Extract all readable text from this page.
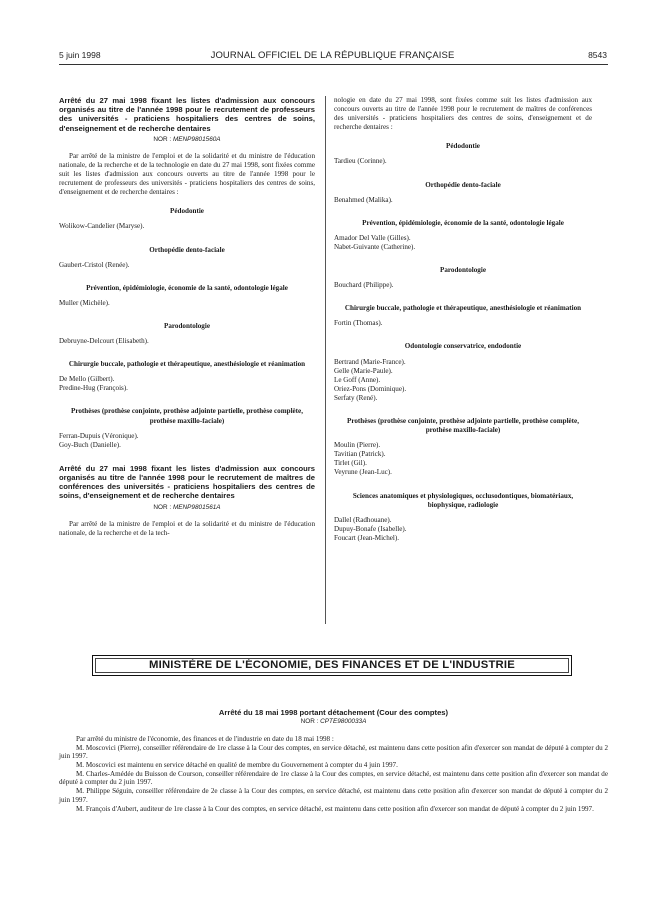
5 juin 1998	JOURNAL OFFICIEL DE LA RÉPUBLIQUE FRANÇAISE	8543
Arrêté du 27 mai 1998 fixant les listes d'admission aux concours organisés au titre de l'année 1998 pour le recrutement de professeurs des universités - praticiens hospitaliers des centres de soins, d'enseignement et de recherche dentaires
NOR : MENP9801560A
Par arrêté de la ministre de l'emploi et de la solidarité et du ministre de l'éducation nationale, de la recherche et de la technologie en date du 27 mai 1998, sont fixées comme suit les listes d'admission aux concours ouverts au titre de l'année 1998 pour le recrutement de professeurs des universités - praticiens hospitaliers des centres de soins, d'enseignement et de recherche dentaires :
Pédodontie
Wolikow-Candelier (Maryse).
Orthopédie dento-faciale
Gaubert-Cristol (Renée).
Prévention, épidémiologie, économie de la santé, odontologie légale
Muller (Michèle).
Parodontologie
Debruyne-Delcourt (Elisabeth).
Chirurgie buccale, pathologie et thérapeutique, anesthésiologie et réanimation
De Mello (Gilbert).
Predine-Hug (François).
Prothèses (prothèse conjointe, prothèse adjointe partielle, prothèse complète, prothèse maxillo-faciale)
Ferran-Dupuis (Véronique).
Goy-Buch (Danielle).
Arrêté du 27 mai 1998 fixant les listes d'admission aux concours organisés au titre de l'année 1998 pour le recrutement de maîtres de conférences des universités - praticiens hospitaliers des centres de soins, d'enseignement et de recherche dentaires
NOR : MENP9801561A
Par arrêté de la ministre de l'emploi et de la solidarité et du ministre de l'éducation nationale, de la recherche et de la tech-
nologie en date du 27 mai 1998, sont fixées comme suit les listes d'admission aux concours ouverts au titre de l'année 1998 pour le recrutement de maîtres de conférences des universités - praticiens hospitaliers des centres de soins, d'enseignement et de recherche dentaires :
Pédodontie
Tardieu (Corinne).
Orthopédie dento-faciale
Benahmed (Malika).
Prévention, épidémiologie, économie de la santé, odontologie légale
Amador Del Valle (Gilles).
Nabet-Guivante (Catherine).
Parodontologie
Bouchard (Philippe).
Chirurgie buccale, pathologie et thérapeutique, anesthésiologie et réanimation
Fortin (Thomas).
Odontologie conservatrice, endodontie
Bertrand (Marie-France).
Gelle (Marie-Paule).
Le Goff (Anne).
Oriez-Pons (Dominique).
Serfaty (René).
Prothèses (prothèse conjointe, prothèse adjointe partielle, prothèse complète, prothèse maxillo-faciale)
Moulin (Pierre).
Tavitian (Patrick).
Tirlet (Gil).
Veyrune (Jean-Luc).
Sciences anatomiques et physiologiques, occlusodontiques, biomatériaux, biophysique, radiologie
Dallel (Radhouane).
Dupuy-Bonafe (Isabelle).
Foucart (Jean-Michel).
MINISTÈRE DE L'ÉCONOMIE, DES FINANCES ET DE L'INDUSTRIE
Arrêté du 18 mai 1998 portant détachement (Cour des comptes)
NOR : CPTE9800033A
Par arrêté du ministre de l'économie, des finances et de l'industrie en date du 18 mai 1998 :
M. Moscovici (Pierre), conseiller référendaire de 1re classe à la Cour des comptes, en service détaché, est maintenu dans cette position afin d'exercer son mandat de député à compter du 2 juin 1997.
M. Moscovici est maintenu en service détaché en qualité de membre du Gouvernement à compter du 4 juin 1997.
M. Charles-Amédée du Buisson de Courson, conseiller référendaire de 1re classe à la Cour des comptes, en service détaché, est maintenu dans cette position afin d'exercer son mandat de député à compter du 2 juin 1997.
M. Philippe Séguin, conseiller référendaire de 2e classe à la Cour des comptes, en service détaché, est maintenu dans cette position afin d'exercer son mandat de député à compter du 2 juin 1997.
M. François d'Aubert, auditeur de 1re classe à la Cour des comptes, en service détaché, est maintenu dans cette position afin d'exercer son mandat de député à compter du 2 juin 1997.
